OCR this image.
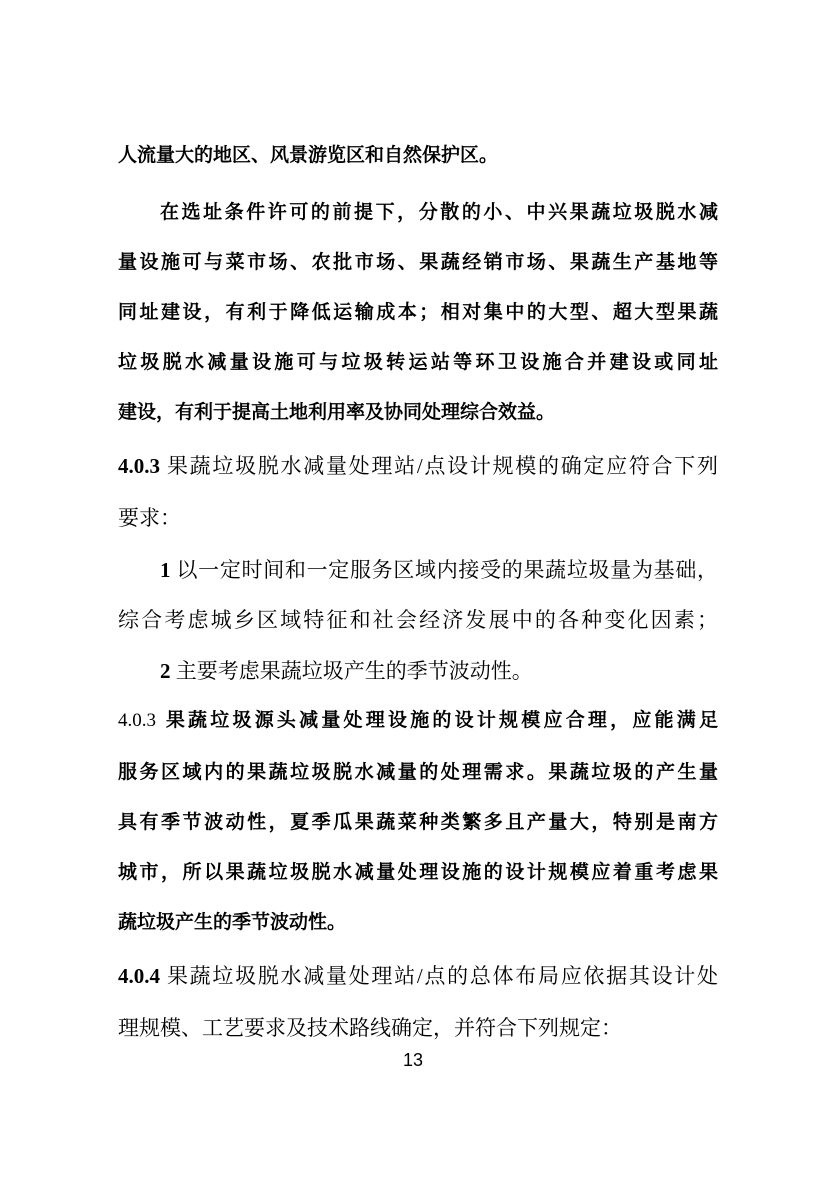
人流量大的地区、风景游览区和自然保护区。
在选址条件许可的前提下，分散的小、中兴果蔬垃圾脱水减
量设施可与菜市场、农批市场、果蔬经销市场、果蔬生产基地等
同址建设，有利于降低运输成本；相对集中的大型、超大型果蔬
垃圾脱水减量设施可与垃圾转运站等环卫设施合并建设或同址
建设，有利于提高土地利用率及协同处理综合效益。
4.0.3 果蔬垃圾脱水减量处理站/点设计规模的确定应符合下列
要求：
1 以一定时间和一定服务区域内接受的果蔬垃圾量为基础，
综合考虑城乡区域特征和社会经济发展中的各种变化因素；
2 主要考虑果蔬垃圾产生的季节波动性。
4.0.3 果蔬垃圾源头减量处理设施的设计规模应合理，应能满足
服务区域内的果蔬垃圾脱水减量的处理需求。果蔬垃圾的产生量
具有季节波动性，夏季瓜果蔬菜种类繁多且产量大，特别是南方
城市，所以果蔬垃圾脱水减量处理设施的设计规模应着重考虑果
蔬垃圾产生的季节波动性。
4.0.4 果蔬垃圾脱水减量处理站/点的总体布局应依据其设计处
理规模、工艺要求及技术路线确定，并符合下列规定：
13
